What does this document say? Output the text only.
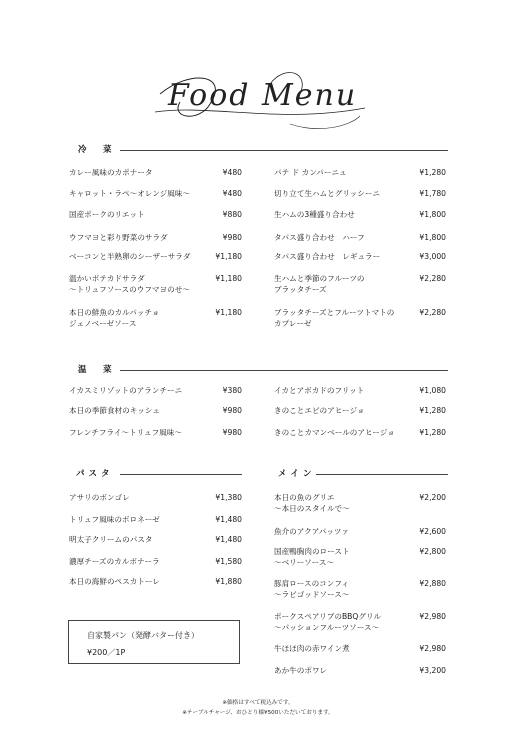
Food Menu
冷　菜
カレー風味のカポナータ	¥480
キャロット・ラペ～オレンジ風味～	¥480
国産ポークのリエット	¥880
ウフマヨと彩り野菜のサラダ	¥980
ベーコンと半熟卵のシーザーサラダ	¥1,180
温かいポテカドサラダ
～トリュフソースのウフマヨのせ～
¥1,180
本日の鮮魚のカルパッチョ
ジェノベーゼソース
¥1,180
パテ ド カンパーニュ	¥1,280
切り立て生ハムとグリッシーニ	¥1,780
生ハムの3種盛り合わせ	¥1,800
タパス盛り合わせ　ハーフ	¥1,800
タパス盛り合わせ　レギュラー	¥3,000
生ハムと季節のフルーツの
ブラッタチーズ
¥2,280
ブラッタチーズとフルーツトマトの
カプレーゼ
¥2,280
温　菜
イカスミリゾットのアランチーニ	¥380
本日の季節食材のキッシュ	¥980
フレンチフライ～トリュフ風味～	¥980
イカとアボカドのフリット	¥1,080
きのことエビのアヒージョ	¥1,280
きのことカマンベールのアヒージョ	¥1,280
パスタ
アサリのボンゴレ	¥1,380
トリュフ風味のボロネーゼ	¥1,480
明太子クリームのパスタ	¥1,480
濃厚チーズのカルボナーラ	¥1,580
本日の海鮮のペスカトーレ	¥1,880
メイン
本日の魚のグリエ
～本日のスタイルで～
¥2,200
魚介のアクアパッツァ	¥2,600
国産鴨胸肉のロースト
～ベリーソース～
¥2,800
豚肩ロースのコンフィ
～ラビゴッドソース～
¥2,880
ポークスペアリブのBBQグリル
～パッションフルーツソース～
¥2,980
牛ほほ肉の赤ワイン煮	¥2,980
あか牛のポワレ	¥3,200
自家製パン（発酵バター付き）
¥200／1P
※価格はすべて税込みです。
※テーブルチャージ、おひとり様¥500いただいております。
